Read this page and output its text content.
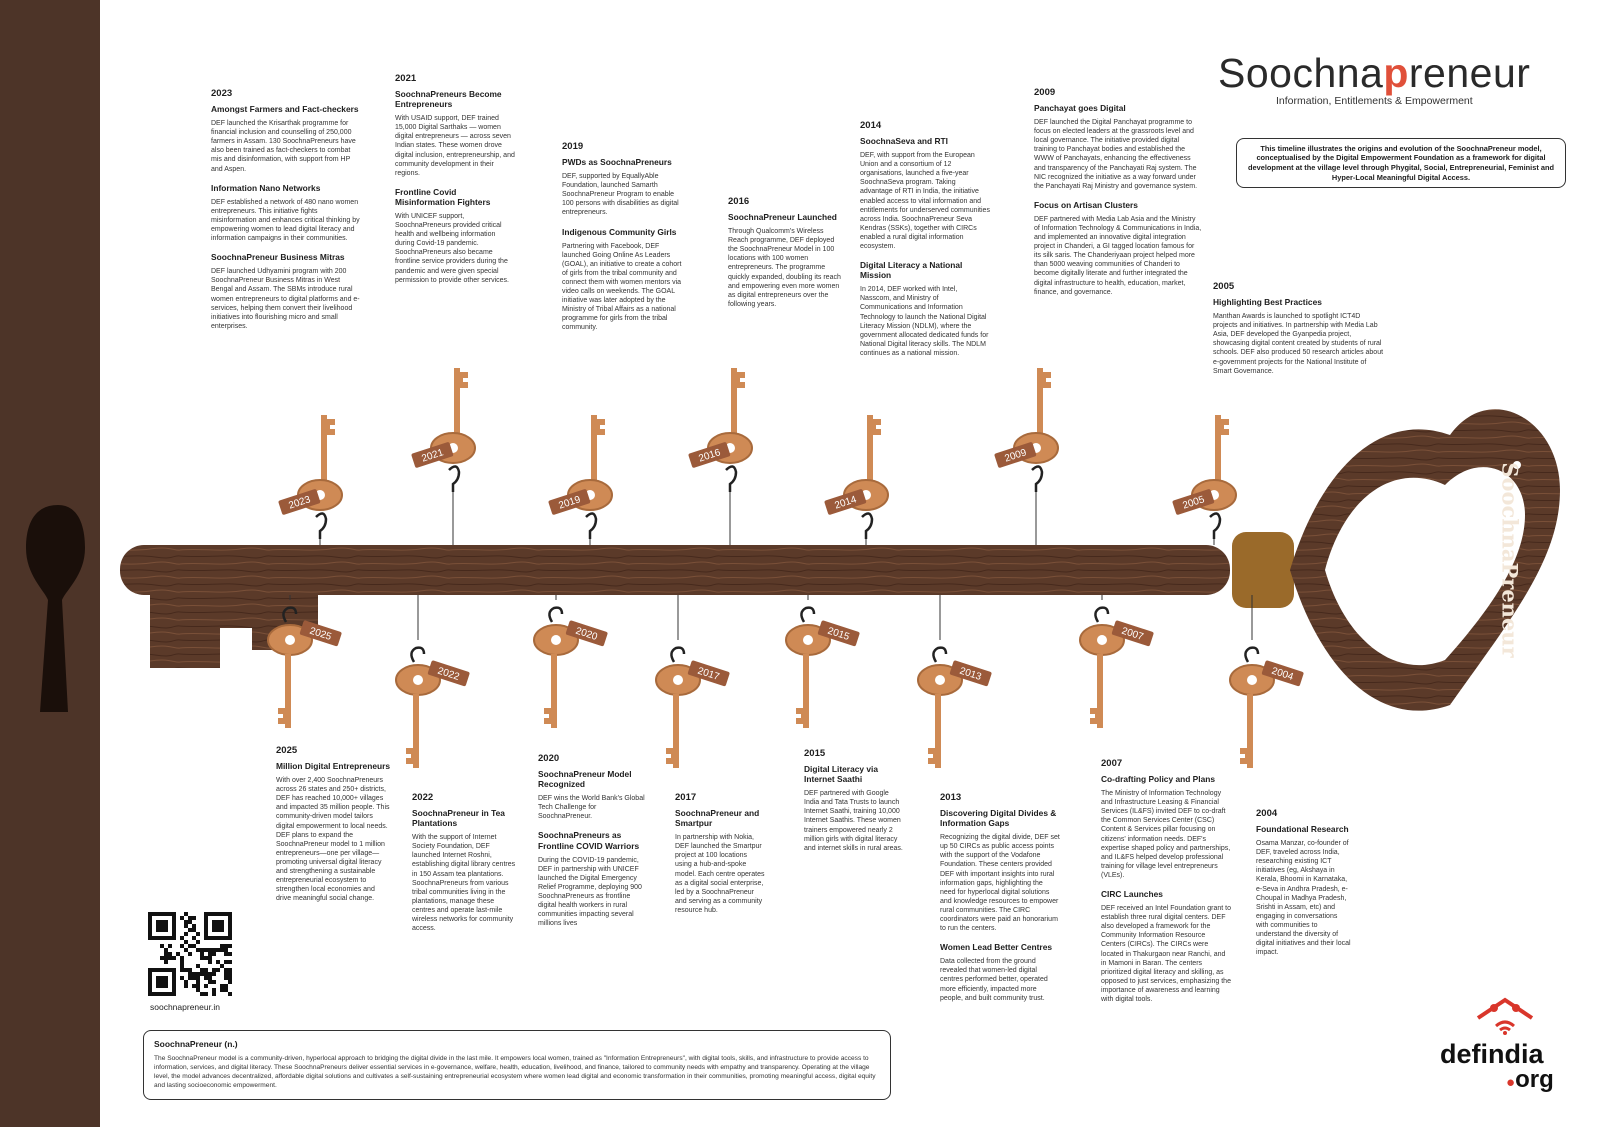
2023
2021
2019
2016
2014
2009
2005
2025
2022
2020
2017
2015
2013
2007
2004
SoochnaPreneur
Soochnapreneur
Information, Entitlements & Empowerment
This timeline illustrates the origins and evolution of the SoochnaPreneur model, conceptualised by the Digital Empowerment Foundation as a framework for digital development at the village level through Phygital, Social, Entrepreneurial, Feminist and Hyper-Local Meaningful Digital Access.
2023
Amongst Farmers and Fact-checkers
DEF launched the Krisarthak programme for financial inclusion and counselling of 250,000 farmers in Assam. 130 SoochnaPreneurs have also been trained as fact-checkers to combat mis and disinformation, with support from HP and Aspen.
Information Nano Networks
DEF established a network of 480 nano women entrepreneurs. This initiative fights misinformation and enhances critical thinking by empowering women to lead digital literacy and information campaigns in their communities.
SoochnaPreneur Business Mitras
DEF launched Udhyamini program with 200 SoochnaPreneur Business Mitras in West Bengal and Assam. The SBMs introduce rural women entrepreneurs to digital platforms and e-services, helping them convert their livelihood initiatives into flourishing micro and small enterprises.
2021
SoochnaPreneurs Become Entrepreneurs
With USAID support, DEF trained 15,000 Digital Sarthaks — women digital entrepreneurs — across seven Indian states. These women drove digital inclusion, entrepreneurship, and community development in their regions.
Frontline Covid Misinformation Fighters
With UNICEF support, SoochnaPreneurs provided critical health and wellbeing information during Covid-19 pandemic. SoochnaPreneurs also became frontline service providers during the pandemic and were given special permission to provide other services.
2019
PWDs as SoochnaPreneurs
DEF, supported by EquallyAble Foundation, launched Samarth SoochnaPreneur Program to enable 100 persons with disabilities as digital entrepreneurs.
Indigenous Community Girls
Partnering with Facebook, DEF launched Going Online As Leaders (GOAL), an initiative to create a cohort of girls from the tribal community and connect them with women mentors via video calls on weekends. The GOAL initiative was later adopted by the Ministry of Tribal Affairs as a national programme for girls from the tribal community.
2016
SoochnaPreneur Launched
Through Qualcomm's Wireless Reach programme, DEF deployed the SoochnaPreneur Model in 100 locations with 100 women entrepreneurs. The programme quickly expanded, doubling its reach and empowering even more women as digital entrepreneurs over the following years.
2014
SoochnaSeva and RTI
DEF, with support from the European Union and a consortium of 12 organisations, launched a five-year SoochnaSeva program. Taking advantage of RTI in India, the initiative enabled access to vital information and entitlements for underserved communities across India. SoochnaPreneur Seva Kendras (SSKs), together with CIRCs enabled a rural digital information ecosystem.
Digital Literacy a National Mission
In 2014, DEF worked with Intel, Nasscom, and Ministry of Communications and Information Technology to launch the National Digital Literacy Mission (NDLM), where the government allocated dedicated funds for National Digital literacy skills. The NDLM continues as a national mission.
2009
Panchayat goes Digital
DEF launched the Digital Panchayat programme to focus on elected leaders at the grassroots level and local governance. The initiative provided digital training to Panchayat bodies and established the WWW of Panchayats, enhancing the effectiveness and transparency of the Panchayati Raj system. The NIC recognized the initiative as a way forward under the Panchayati Raj Ministry and governance system.
Focus on Artisan Clusters
DEF partnered with Media Lab Asia and the Ministry of Information Technology & Communications in India, and implemented an innovative digital integration project in Chanderi, a GI tagged location famous for its silk saris. The Chanderiyaan project helped more than 5000 weaving communities of Chanderi to become digitally literate and further integrated the digital infrastructure to health, education, market, finance, and governance.
2005
Highlighting Best Practices
Manthan Awards is launched to spotlight ICT4D projects and initiatives. In partnership with Media Lab Asia, DEF developed the Gyanpedia project, showcasing digital content created by students of rural schools. DEF also produced 50 research articles about e-government projects for the National Institute of Smart Governance.
2025
Million Digital Entrepreneurs
With over 2,400 SoochnaPreneurs across 26 states and 250+ districts, DEF has reached 10,000+ villages and impacted 35 million people. This community-driven model tailors digital empowerment to local needs. DEF plans to expand the SoochnaPreneur model to 1 million entrepreneurs—one per village—promoting universal digital literacy and strengthening a sustainable entrepreneurial ecosystem to strengthen local economies and drive meaningful social change.
2022
SoochnaPreneur in Tea Plantations
With the support of Internet Society Foundation, DEF launched Internet Roshni, establishing digital library centres in 150 Assam tea plantations. SoochnaPreneurs from various tribal communities living in the plantations, manage these centres and operate last-mile wireless networks for community access.
2020
SoochnaPreneur Model Recognized
DEF wins the World Bank's Global Tech Challenge for SoochnaPreneur.
SoochnaPreneurs as Frontline COVID Warriors
During the COVID-19 pandemic, DEF in partnership with UNICEF launched the Digital Emergency Relief Programme, deploying 900 SoochnaPreneurs as frontline digital health workers in rural communities impacting several millions lives
2017
SoochnaPreneur and Smartpur
In partnership with Nokia, DEF launched the Smartpur project at 100 locations using a hub-and-spoke model. Each centre operates as a digital social enterprise, led by a SoochnaPreneur and serving as a community resource hub.
2015
Digital Literacy via Internet Saathi
DEF partnered with Google India and Tata Trusts to launch Internet Saathi, training 10,000 Internet Saathis. These women trainers empowered nearly 2 million girls with digital literacy and internet skills in rural areas.
2013
Discovering Digital Divides & Information Gaps
Recognizing the digital divide, DEF set up 50 CIRCs as public access points with the support of the Vodafone Foundation. These centers provided DEF with important insights into rural information gaps, highlighting the need for hyperlocal digital solutions and knowledge resources to empower rural communities. The CIRC coordinators were paid an honorarium to run the centers.
Women Lead Better Centres
Data collected from the ground revealed that women-led digital centres performed better, operated more efficiently, impacted more people, and built community trust.
2007
Co-drafting Policy and Plans
The Ministry of Information Technology and Infrastructure Leasing & Financial Services (IL&FS) invited DEF to co-draft the Common Services Center (CSC) Content & Services pillar focusing on citizens' information needs. DEF's expertise shaped policy and partnerships, and IL&FS helped develop professional training for village level entrepreneurs (VLEs).
CIRC Launches
DEF received an Intel Foundation grant to establish three rural digital centers. DEF also developed a framework for the Community Information Resource Centers (CIRCs). The CIRCs were located in Thakurgaon near Ranchi, and in Mamoni in Baran. The centers prioritized digital literacy and skilling, as opposed to just services, emphasizing the importance of awareness and learning with digital tools.
2004
Foundational Research
Osama Manzar, co-founder of DEF, traveled across India, researching existing ICT initiatives (eg, Akshaya in Kerala, Bhoomi in Karnataka, e-Seva in Andhra Pradesh, e-Choupal in Madhya Pradesh, Srishti in Assam, etc) and engaging in conversations with communities to understand the diversity of digital initiatives and their local impact.
soochnapreneur.in
SoochnaPreneur (n.)
The SoochnaPreneur model is a community-driven, hyperlocal approach to bridging the digital divide in the last mile. It empowers local women, trained as "Information Entrepreneurs", with digital tools, skills, and infrastructure to provide access to information, services, and digital literacy. These SoochnaPreneurs deliver essential services in e-governance, welfare, health, education, livelihood, and finance, tailored to community needs with empathy and transparency. Operating at the village level, the model advances decentralized, affordable digital solutions and cultivates a self-sustaining entrepreneurial ecosystem where women lead digital and economic transformation in their communities, promoting meaningful access, digital equity and lasting socioeconomic empowerment.
defindia
●org
